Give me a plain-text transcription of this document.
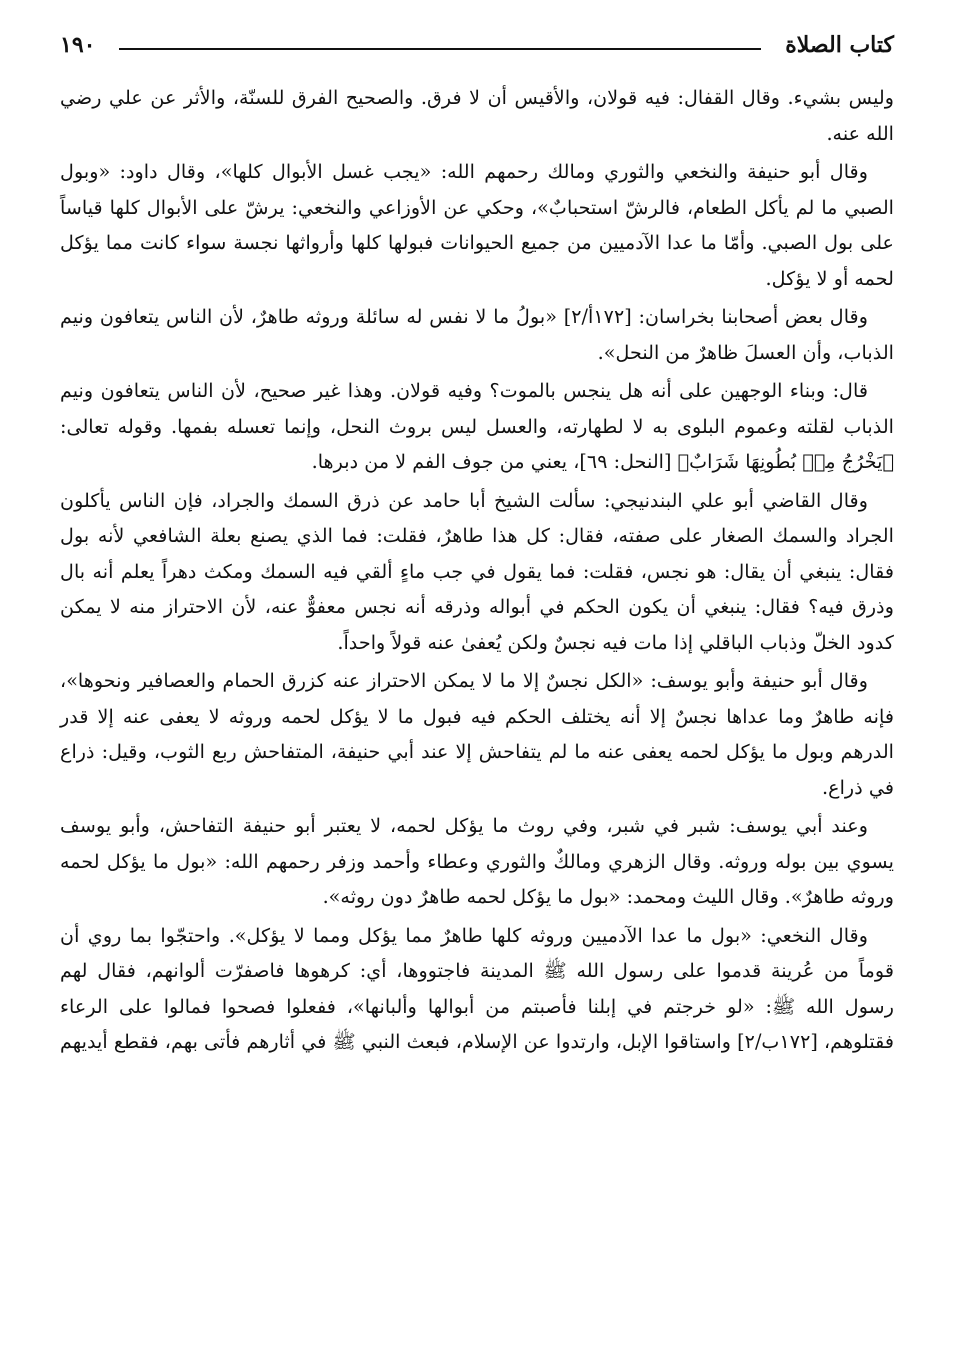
١٩٠	كتاب الصلاة

وليس بشيء. وقال القفال: فيه قولان، والأقيس أن لا فرق. والصحيح الفرق للسنّة، والأثر عن علي رضي الله عنه.

وقال أبو حنيفة والنخعي والثوري ومالك رحمهم الله: «يجب غسل الأبوال كلها»، وقال داود: «وبول الصبي ما لم يأكل الطعام، فالرشّ استحبابٌ»، وحكي عن الأوزاعي والنخعي: يرشّ على الأبوال كلها قياساً على بول الصبي. وأمّا ما عدا الآدميين من جميع الحيوانات فبولها كلها وأرواثها نجسة سواء كانت مما يؤكل لحمه أو لا يؤكل.

وقال بعض أصحابنا بخراسان: [١٧٢أ/٢] «بولُ ما لا نفس له سائلة وروثه طاهرٌ، لأن الناس يتعافون ونيم الذباب، وأن العسلَ ظاهرٌ من النحل».

قال: وبناء الوجهين على أنه هل ينجس بالموت؟ وفيه قولان. وهذا غير صحيح، لأن الناس يتعافون ونيم الذباب لقلته وعموم البلوى به لا لطهارته، والعسل ليس بروث النحل، وإنما تعسله بفمها. وقوله تعالى: ﴿يَخْرُجُ مِنۢ بُطُونِهَا شَرَابٌ﴾ [النحل: ٦٩]، يعني من جوف الفم لا من دبرها.

وقال القاضي أبو علي البندنيجي: سألت الشيخ أبا حامد عن ذرق السمك والجراد، فإن الناس يأكلون الجراد والسمك الصغار على صفته، فقال: كل هذا طاهرٌ، فقلت: فما الذي يصنع بعلة الشافعي لأنه بول فقال: ينبغي أن يقال: هو نجس، فقلت: فما يقول في جب ماءٍ ألقي فيه السمك ومكث دهراً يعلم أنه بال وذرق فيه؟ فقال: ينبغي أن يكون الحكم في أبواله وذرقه أنه نجس معفوٌّ عنه، لأن الاحتراز منه لا يمكن كدود الخلّ وذباب الباقلي إذا مات فيه نجسٌ ولكن يُعفىٰ عنه قولاً واحداً.

وقال أبو حنيفة وأبو يوسف: «الكل نجسٌ إلا ما لا يمكن الاحتراز عنه كزرق الحمام والعصافير ونحوها»، فإنه طاهرٌ وما عداها نجسٌ إلا أنه يختلف الحكم فيه فبول ما لا يؤكل لحمه وروثه لا يعفى عنه إلا قدر الدرهم وبول ما يؤكل لحمه يعفى عنه ما لم يتفاحش إلا عند أبي حنيفة، المتفاحش ربع الثوب، وقيل: ذراع في ذراع.

وعند أبي يوسف: شبر في شبر، وفي روث ما يؤكل لحمه، لا يعتبر أبو حنيفة التفاحش، وأبو يوسف يسوي بين بوله وروثه. وقال الزهري ومالكٌ والثوري وعطاء وأحمد وزفر رحمهم الله: «بول ما يؤكل لحمه وروثه طاهرٌ». وقال الليث ومحمد: «بول ما يؤكل لحمه طاهرٌ دون روثه».

وقال النخعي: «بول ما عدا الآدميين وروثه كلها طاهرٌ مما يؤكل ومما لا يؤكل». واحتجّوا بما روي أن قوماً من عُرينة قدموا على رسول الله ﷺ المدينة فاجتووها، أي: كرهوها فاصفرّت ألوانهم، فقال لهم رسول الله ﷺ: «لو خرجتم في إبلنا فأصبتم من أبوالها وألبانها»، ففعلوا فصحوا فمالوا على الرعاء فقتلوهم، [١٧٢ب/٢] واستاقوا الإبل، وارتدوا عن الإسلام، فبعث النبي ﷺ في أثارهم فأتى بهم، فقطع أيديهم
